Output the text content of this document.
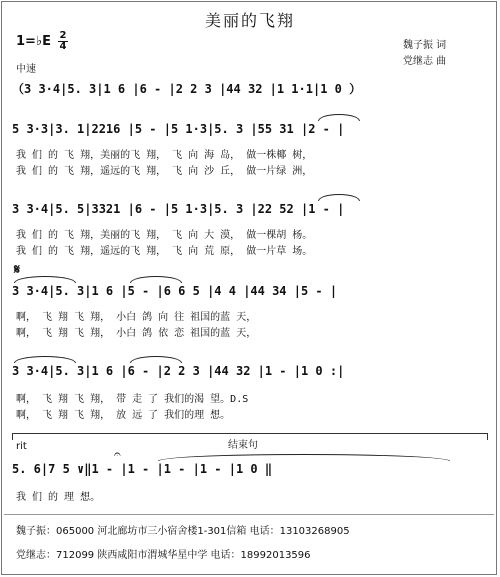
美丽的飞翔
1=♭E 2
4	魏子振 词
党继志 曲
中速
（3 3·4|5. 3|1 6 |6 - |2 2 3 |44 32 |1 1·1|1 0 ）
5 3·3|3. 1|2216 |5 - |5 1·3|5. 3 |55 31 |2 - |
我 们 的 飞 翔，美丽的飞 翔， 飞 向 海 岛， 做一株椰 树，
我 们 的 飞 翔，遥远的飞 翔， 飞 向 沙 丘， 做一片绿 洲，
3 3·4|5. 5|3321 |6 - |5 1·3|5. 3 |22 52 |1 - |
我 们 的 飞 翔，美丽的飞 翔， 飞 向 大 漠， 做一棵胡 杨。
我 们 的 飞 翔，遥远的飞 翔， 飞 向 荒 原， 做一片草 场。
𝄋
3 3·4|5. 3|1 6 |5 - |6 6 5 |4 4 |44 34 |5 - |
啊， 飞 翔 飞 翔， 小白 鸽 向 往 祖国的蓝 天，
啊， 飞 翔 飞 翔， 小白 鸽 依 恋 祖国的蓝 天，
3 3·4|5. 3|1 6 |6 - |2 2 3 |44 32 |1 - |1 0 :|
啊， 飞 翔 飞 翔， 带 走 了 我们的渴 望。D.S
啊， 飞 翔 飞 翔， 放 远 了 我们的理 想。
rit	结束句
𝄐
5. 6|7 5 ∨‖1 - |1 - |1 - |1 - |1 0 ‖
我 们 的 理 想。
魏子振：065000 河北廊坊市三小宿舍楼1-301信箱 电话：13103268905
党继志：712099 陕西咸阳市渭城华星中学 电话：18992013596
